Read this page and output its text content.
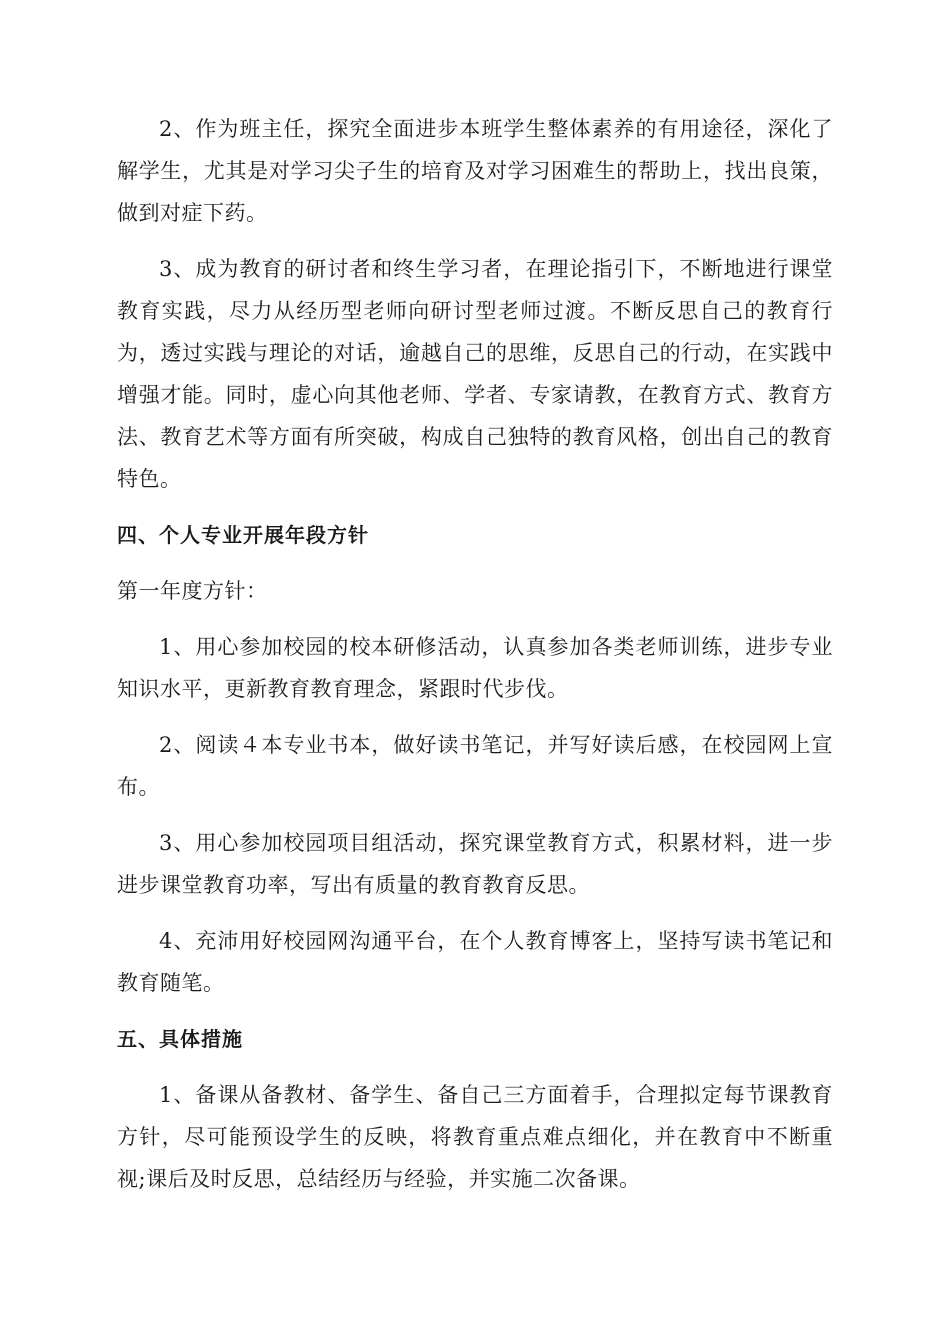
2、作为班主任，探究全面进步本班学生整体素养的有用途径，深化了解学生，尤其是对学习尖子生的培育及对学习困难生的帮助上，找出良策，做到对症下药。

3、成为教育的研讨者和终生学习者，在理论指引下，不断地进行课堂教育实践，尽力从经历型老师向研讨型老师过渡。不断反思自己的教育行为，透过实践与理论的对话，逾越自己的思维，反思自己的行动，在实践中增强才能。同时，虚心向其他老师、学者、专家请教，在教育方式、教育方法、教育艺术等方面有所突破，构成自己独特的教育风格，创出自己的教育特色。

四、个人专业开展年段方针

第一年度方针：

1、用心参加校园的校本研修活动，认真参加各类老师训练，进步专业知识水平，更新教育教育理念，紧跟时代步伐。

2、阅读４本专业书本，做好读书笔记，并写好读后感，在校园网上宣布。

3、用心参加校园项目组活动，探究课堂教育方式，积累材料，进一步进步课堂教育功率，写出有质量的教育教育反思。

4、充沛用好校园网沟通平台，在个人教育博客上，坚持写读书笔记和教育随笔。

五、具体措施

1、备课从备教材、备学生、备自己三方面着手，合理拟定每节课教育方针，尽可能预设学生的反映，将教育重点难点细化，并在教育中不断重视;课后及时反思，总结经历与经验，并实施二次备课。
